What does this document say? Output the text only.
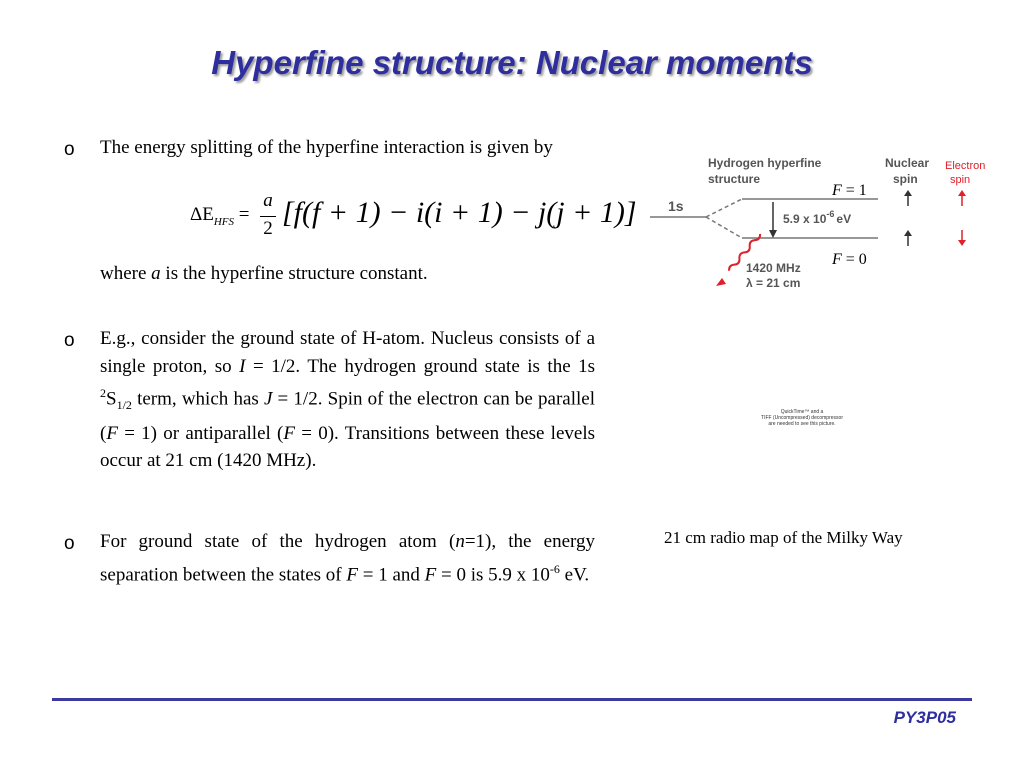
Hyperfine structure: Nuclear moments
o The energy splitting of the hyperfine interaction is given by
$\Delta E_{HFS}$ =
a
2 [f(f + 1) − i(i + 1) − j(j + 1)]
where a is the hyperfine structure constant.
o E.g., consider the ground state of H-atom. Nucleus consists of a single proton, so I = 1/2. The hydrogen ground state is the 1s $^2S_{1/2}$ term, which has J = 1/2. Spin of the electron can be parallel (F = 1) or antiparallel (F = 0). Transitions between these levels occur at 21 cm (1420 MHz).
o For ground state of the hydrogen atom (n=1), the energy separation between the states of F = 1 and F = 0 is 5.9 x $10^{-6}$ eV.
Hydrogen hyperfine
structure
Nuclear
spin
Electron
spin
1s
F = 1
F = 0
5.9 x $10^{-6}$ eV
1420 MHz
λ = 21 cm
QuickTime™ and a
TIFF (Uncompressed) decompressor
are needed to see this picture.
21 cm radio map of the Milky Way
PY3P05
